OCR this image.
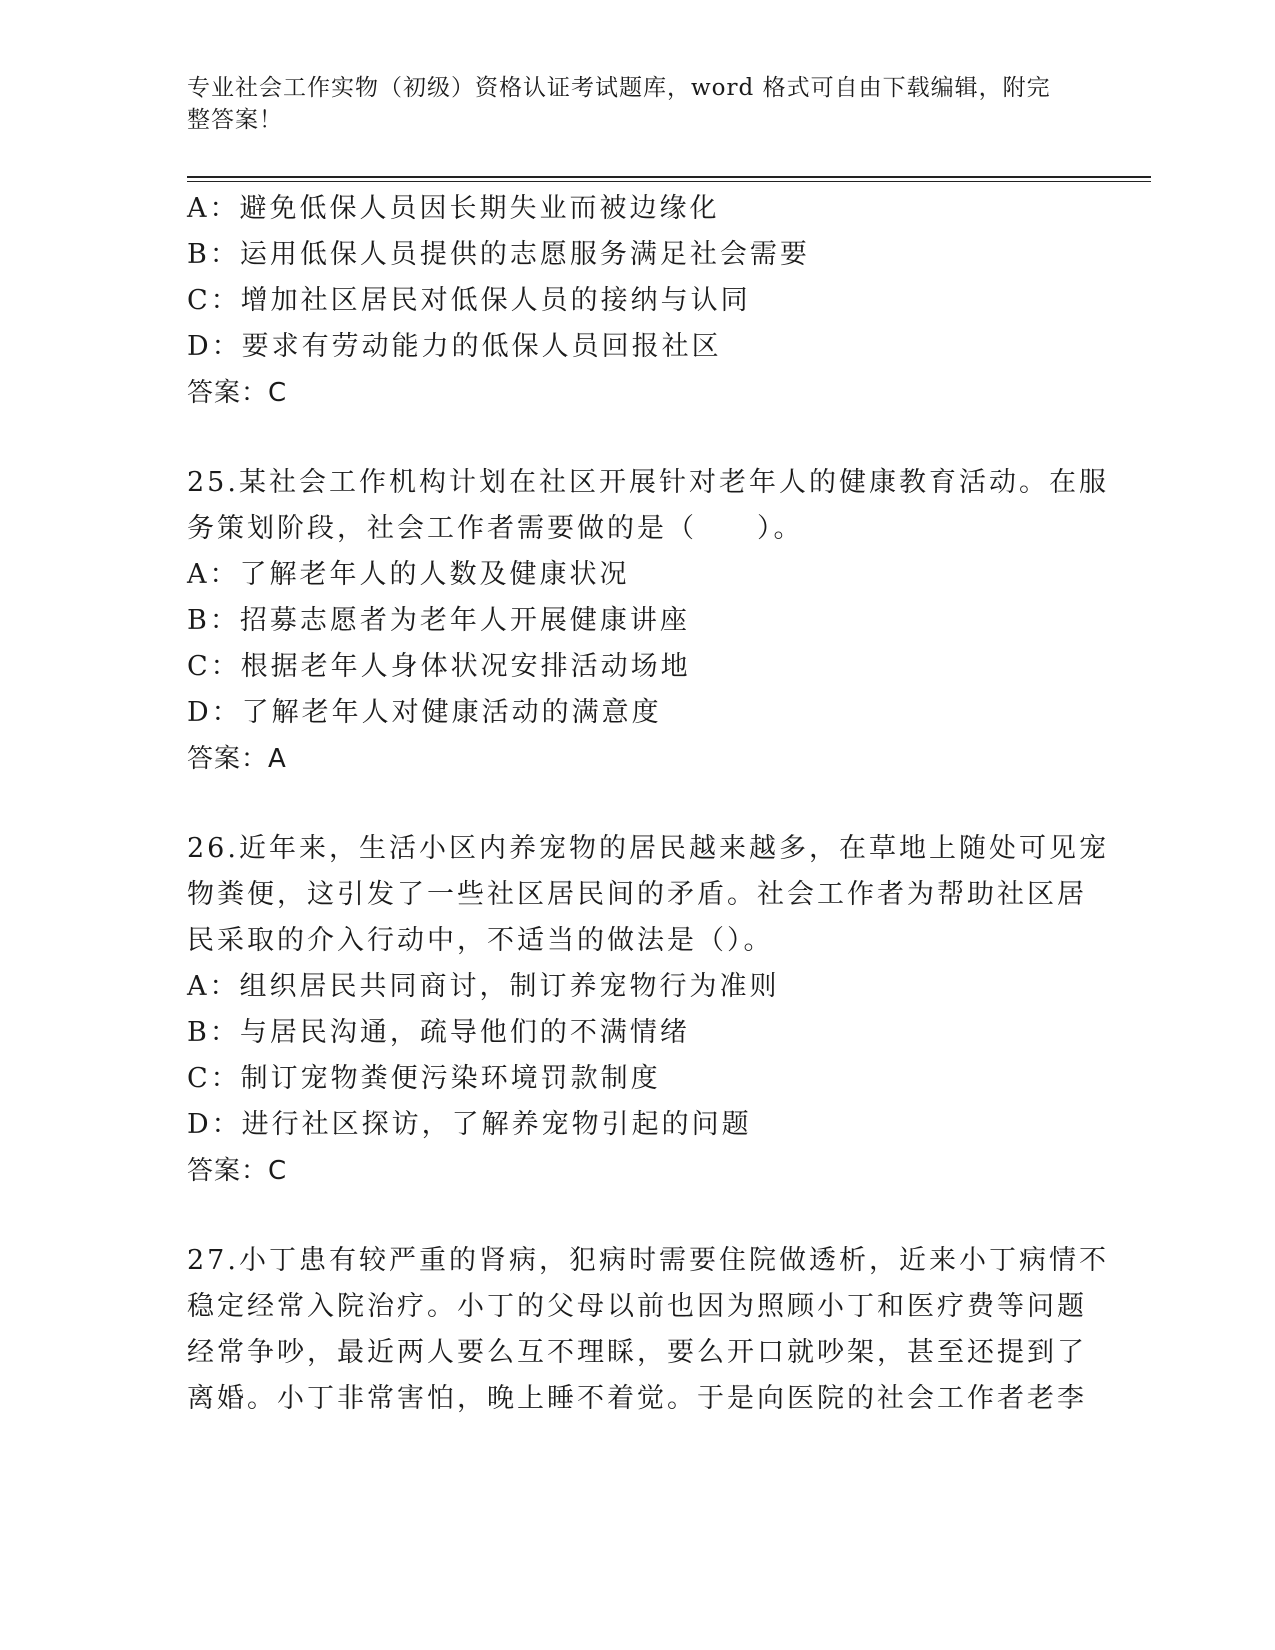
专业社会工作实物（初级）资格认证考试题库，word 格式可自由下载编辑，附完
整答案！
A：避免低保人员因长期失业而被边缘化
B：运用低保人员提供的志愿服务满足社会需要
C：增加社区居民对低保人员的接纳与认同
D：要求有劳动能力的低保人员回报社区
答案：C
25.某社会工作机构计划在社区开展针对老年人的健康教育活动。在服
务策划阶段，社会工作者需要做的是（　　）。
A：了解老年人的人数及健康状况
B：招募志愿者为老年人开展健康讲座
C：根据老年人身体状况安排活动场地
D：了解老年人对健康活动的满意度
答案：A
26.近年来，生活小区内养宠物的居民越来越多，在草地上随处可见宠
物粪便，这引发了一些社区居民间的矛盾。社会工作者为帮助社区居
民采取的介入行动中，不适当的做法是（）。
A：组织居民共同商讨，制订养宠物行为准则
B：与居民沟通，疏导他们的不满情绪
C：制订宠物粪便污染环境罚款制度
D：进行社区探访，了解养宠物引起的问题
答案：C
27.小丁患有较严重的肾病，犯病时需要住院做透析，近来小丁病情不
稳定经常入院治疗。小丁的父母以前也因为照顾小丁和医疗费等问题
经常争吵，最近两人要么互不理睬，要么开口就吵架，甚至还提到了
离婚。小丁非常害怕，晚上睡不着觉。于是向医院的社会工作者老李
